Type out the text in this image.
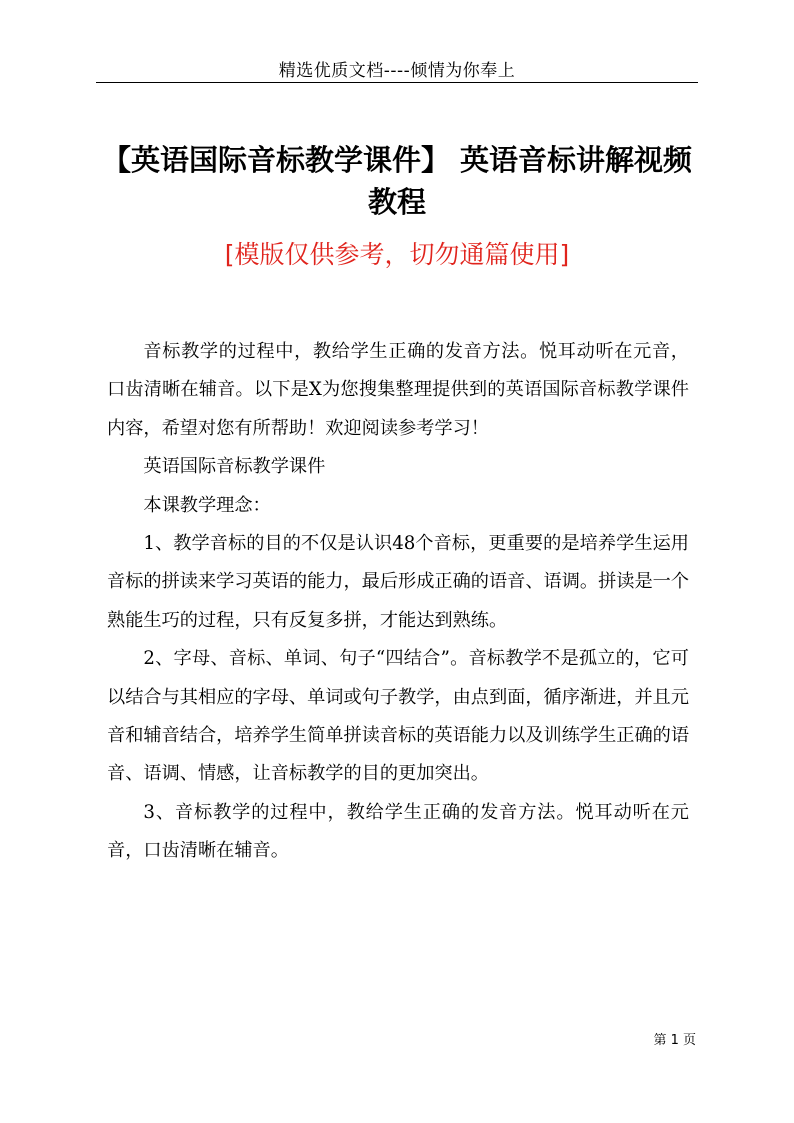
精选优质文档----倾情为你奉上
【英语国际音标教学课件】 英语音标讲解视频教程
[模版仅供参考，切勿通篇使用]

音标教学的过程中，教给学生正确的发音方法。悦耳动听在元音，口齿清晰在辅音。以下是X为您搜集整理提供到的英语国际音标教学课件内容，希望对您有所帮助！欢迎阅读参考学习！

英语国际音标教学课件

本课教学理念：

1、教学音标的目的不仅是认识48个音标，更重要的是培养学生运用音标的拼读来学习英语的能力，最后形成正确的语音、语调。拼读是一个熟能生巧的过程，只有反复多拼，才能达到熟练。

2、字母、音标、单词、句子“四结合”。音标教学不是孤立的，它可以结合与其相应的字母、单词或句子教学，由点到面，循序渐进，并且元音和辅音结合，培养学生简单拼读音标的英语能力以及训练学生正确的语音、语调、情感，让音标教学的目的更加突出。

3、音标教学的过程中，教给学生正确的发音方法。悦耳动听在元音，口齿清晰在辅音。

第 1 页
